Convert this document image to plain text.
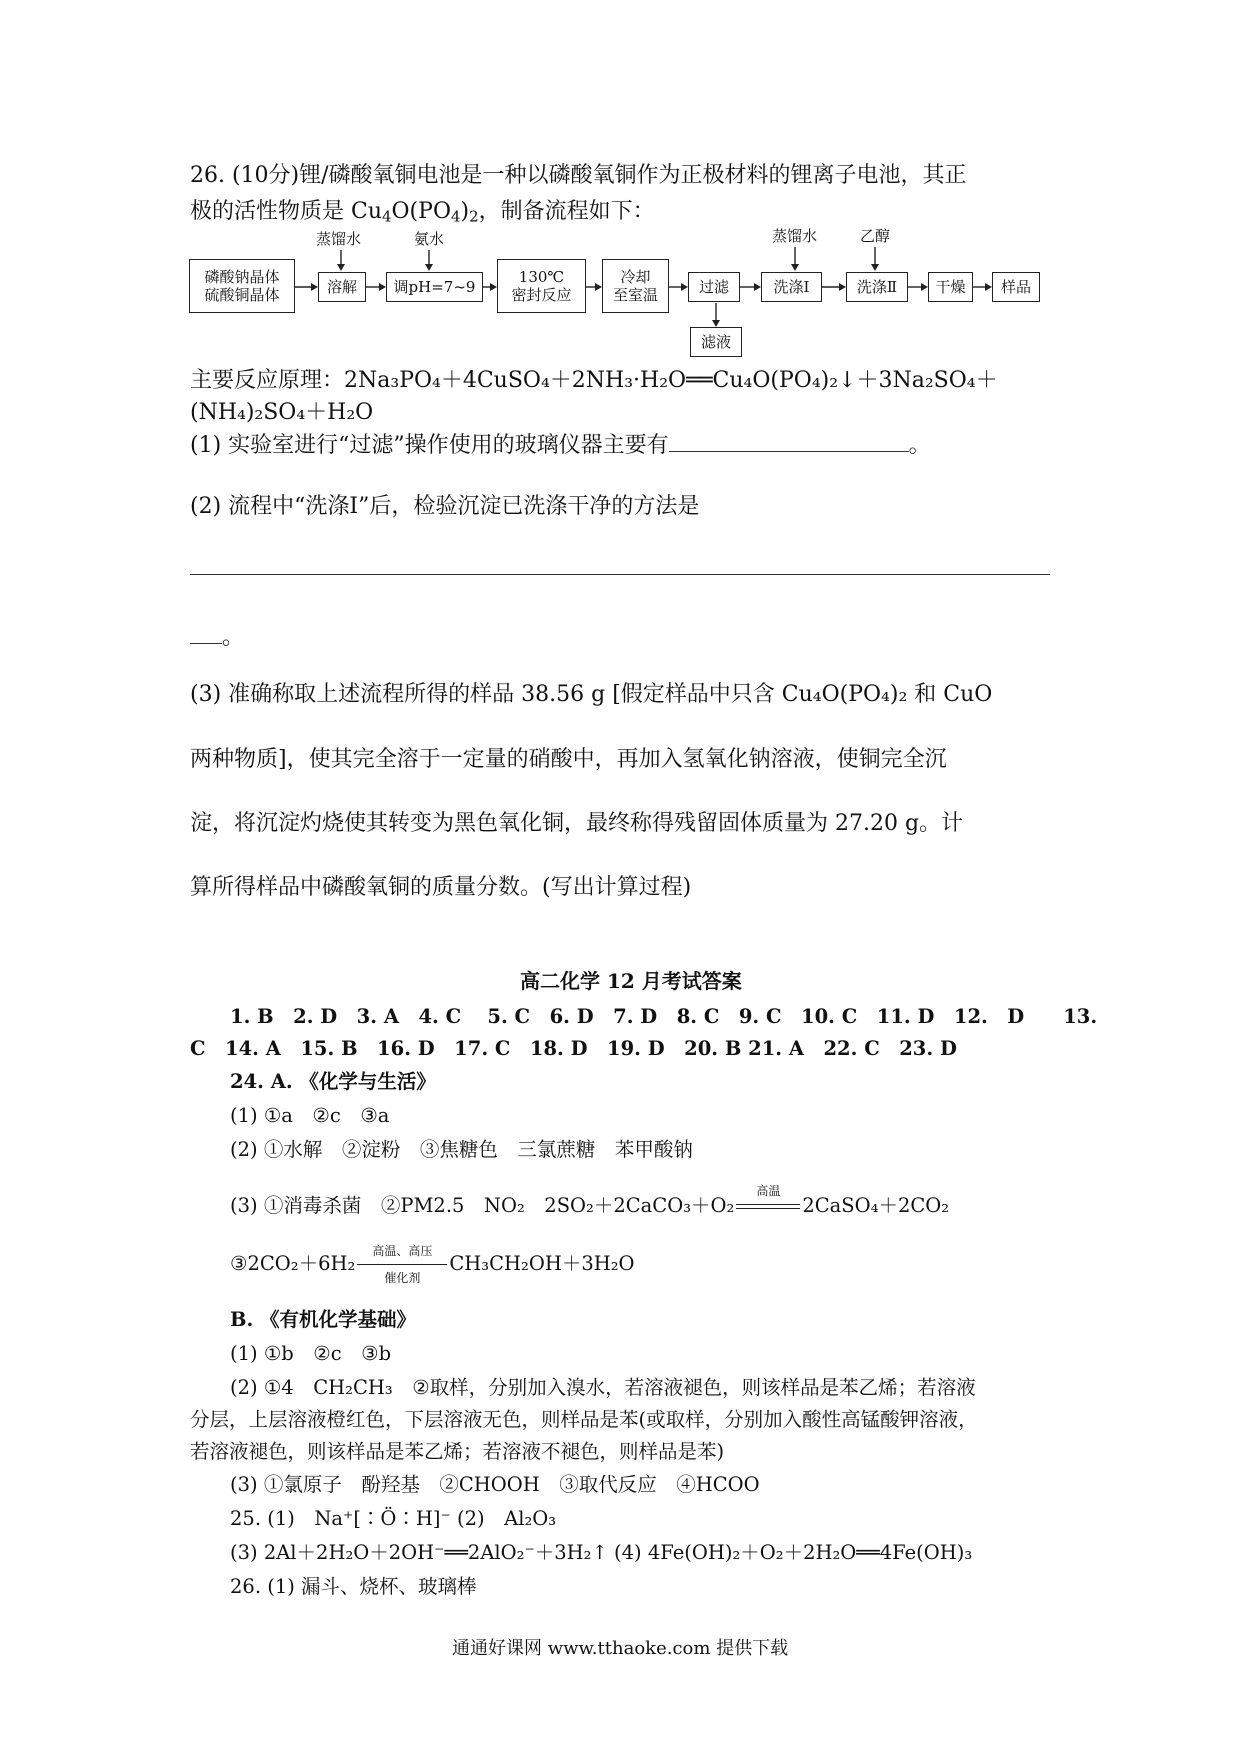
26. (10分)锂/磷酸氧铜电池是一种以磷酸氧铜作为正极材料的锂离子电池，其正
极的活性物质是 $Cu_4O(PO_4)_2$，制备流程如下：
磷酸钠晶体
硫酸铜晶体	溶解	调pH=7~9
130℃
密封反应
冷却
至室温	过滤	洗涤Ⅰ	洗涤Ⅱ	干燥	样品
滤液
蒸馏水	氨水	蒸馏水	乙醇
主要反应原理：2Na₃PO₄＋4CuSO₄＋2NH₃·H₂O══Cu₄O(PO₄)₂↓＋3Na₂SO₄＋
(NH₄)₂SO₄＋H₂O
(1) 实验室进行“过滤”操作使用的玻璃仪器主要有	。
(2) 流程中“洗涤Ⅰ”后，检验沉淀已洗涤干净的方法是
。
(3) 准确称取上述流程所得的样品 38.56 g [假定样品中只含 Cu₄O(PO₄)₂ 和 CuO
两种物质]，使其完全溶于一定量的硝酸中，再加入氢氧化钠溶液，使铜完全沉
淀，将沉淀灼烧使其转变为黑色氧化铜，最终称得残留固体质量为 27.20 g。计
算所得样品中磷酸氧铜的质量分数。(写出计算过程)
高二化学 12 月考试答案
1. B　2. D　3. A　4. C　 5. C　6. D　7. D　8. C　9. C　10. C　11. D　12.　D　　13.
C　14. A　15. B　16. D　17. C　18. D　19. D　20. B 21. A　22. C　23. D
24. A. 《化学与生活》
(1) ①a　②c　③a
(2) ①水解　②淀粉　③焦糖色　三氯蔗糖　苯甲酸钠
(3) ①消毒杀菌　②PM2.5　NO₂　2SO₂＋2CaCO₃＋O₂
高温
2CaSO₄＋2CO₂
③2CO₂＋6H₂
高温、高压
催化剂
CH₃CH₂OH＋3H₂O
B. 《有机化学基础》
(1) ①b　②c　③b
(2) ①4　CH₂CH₃　②取样，分别加入溴水，若溶液褪色，则该样品是苯乙烯；若溶液
分层，上层溶液橙红色，下层溶液无色，则样品是苯(或取样，分别加入酸性高锰酸钾溶液，
若溶液褪色，则该样品是苯乙烯；若溶液不褪色，则样品是苯)
(3) ①氯原子　酚羟基　②CHOOH　③取代反应　④HCOO
25. (1)　Na⁺[∶Ö∶H]⁻ (2)　Al₂O₃
(3) 2Al＋2H₂O＋2OH⁻══2AlO₂⁻＋3H₂↑ (4) 4Fe(OH)₂＋O₂＋2H₂O══4Fe(OH)₃
26. (1) 漏斗、烧杯、玻璃棒
通通好课网 www.tthaoke.com 提供下载
